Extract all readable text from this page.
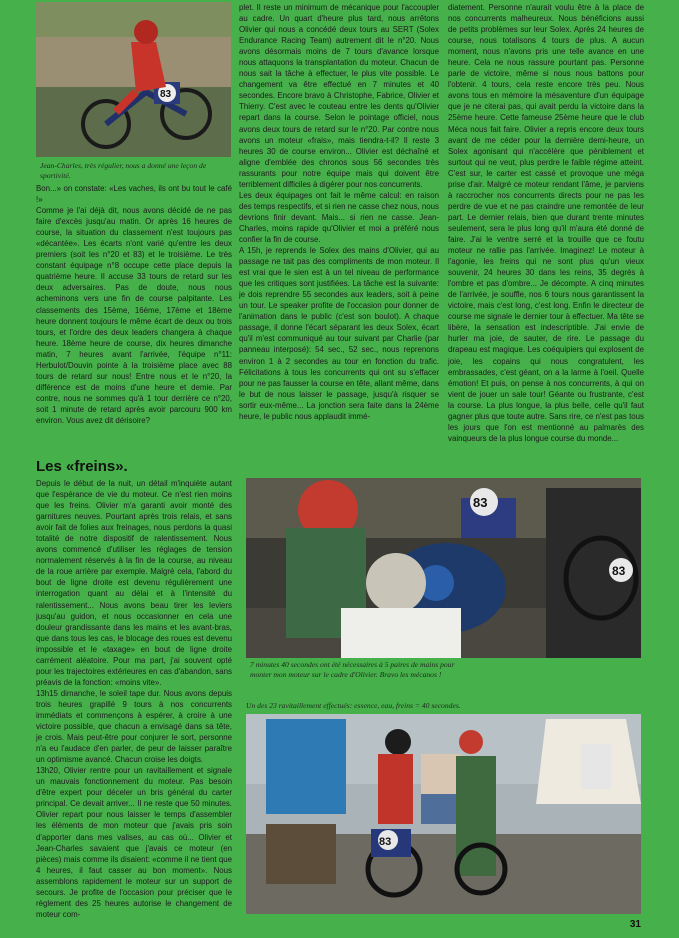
83
Jean-Charles, très régulier, nous a donné une leçon de sportivité.

Bon...» on constate: «Les vaches, ils ont bu tout le café !»

Comme je l'ai déjà dit, nous avons décidé de ne pas faire d'excès jusqu'au matin. Or après 16 heures de course, la situation du classement n'est toujours pas «décantée». Les écarts n'ont varié qu'entre les deux premiers (soit les n°20 et 83) et le troisième. Le très constant équipage n°8 occupe cette place depuis la quatrième heure. Il accuse 33 tours de retard sur les deux adversaires. Pas de doute, nous nous acheminons vers une fin de course palpitante. Les classements des 15ème, 16ème, 17ème et 18ème heure donnent toujours le même écart de deux ou trois tours, et l'ordre des deux leaders changera à chaque heure. 18ème heure de course, dix heures dimanche matin, 7 heures avant l'arrivée, l'équipe n°11: Herbulot/Douvin pointe à la troisième place avec 88 tours de retard sur nous! Entre nous et le n°20, la différence est de moins d'une heure et demie. Par contre, nous ne sommes qu'à 1 tour derrière ce n°20, soit 1 minute de retard après avoir parcouru 900 km environ. Vous avez dit dérisoire?

Les «freins».

Depuis le début de la nuit, un détail m'inquiète autant que l'espérance de vie du moteur. Ce n'est rien moins que les freins. Olivier m'a garanti avoir monté des garnitures neuves. Pourtant après trois relais, et sans avoir fait de folies aux freinages, nous perdons la quasi totalité de notre dispositif de ralentissement. Nous avons commencé d'utiliser les réglages de tension normalement réservés à la fin de la course, au niveau de la roue arrière par exemple. Malgré cela, l'abord du bout de ligne droite est devenu régulièrement une interrogation quant au délai et à l'intensité du ralentissement... Nous avons beau tirer les leviers jusqu'au guidon, et nous occasionner en cela une douleur grandissante dans les mains et les avant-bras, que dans tous les cas, le blocage des roues est devenu impossible et le «taxage» en bout de ligne droite carrément aléatoire. Pour ma part, j'ai souvent opté pour les trajectoires extérieures en cas d'abandon, sans préavis de la fonction: «moins vite».

13h15 dimanche, le soleil tape dur. Nous avons depuis trois heures grapillé 9 tours à nos concurrents immédiats et commençons à espérer, à croire à une victoire possible, que chacun a envisagé dans sa tête, je crois. Mais peut-être pour conjurer le sort, personne n'a eu l'audace d'en parler, de peur de laisser paraître un optimisme avancé. Chacun croise les doigts.

13h20, Olivier rentre pour un ravitaillement et signale un mauvais fonctionnement du moteur. Pas besoin d'être expert pour déceler un bris général du carter principal. Ce devait arriver... Il ne reste que 50 minutes. Olivier repart pour nous laisser le temps d'assembler les éléments de mon moteur que j'avais pris soin d'apporter dans mes valises, au cas où... Olivier et Jean-Charles savaient que j'avais ce moteur (en pièces) mais comme ils disaient: «comme il ne tient que 4 heures, il faut casser au bon moment». Nous assemblons rapidement le moteur sur un support de secours. Je profite de l'occasion pour préciser que le règlement des 25 heures autorise le changement de moteur com-

plet. Il reste un minimum de mécanique pour l'accoupler au cadre. Un quart d'heure plus tard, nous arrêtons Olivier qui nous a concédé deux tours au SERT (Solex Endurance Racing Team) autrement dit le n°20. Nous avons désormais moins de 7 tours d'avance lorsque nous attaquons la transplantation du moteur. Chacun de nous sait la tâche à effectuer, le plus vite possible. Le changement va être effectué en 7 minutes et 40 secondes. Encore bravo à Christophe, Fabrice, Olivier et Thierry. C'est avec le couteau entre les dents qu'Olivier repart dans la course. Selon le pointage officiel, nous avons deux tours de retard sur le n°20. Par contre nous avons un moteur «frais», mais tiendra-t-il? Il reste 3 heures 30 de course environ... Olivier est déchaîné et aligne d'emblée des chronos sous 56 secondes très rassurants pour notre équipe mais qui doivent être terriblement difficiles à digérer pour nos concurrents.

Les deux équipages ont fait le même calcul: en raison des temps respectifs, et si rien ne casse chez nous, nous devrions finir devant. Mais... si rien ne casse. Jean-Charles, moins rapide qu'Olivier et moi a préféré nous confier la fin de course.

A 15h, je reprends le Solex des mains d'Olivier, qui au passage ne tait pas des compliments de mon moteur. Il est vrai que le sien est à un tel niveau de performance que les critiques sont justifiées. La tâche est la suivante: je dois reprendre 55 secondes aux leaders, soit à peine un tour. Le speaker profite de l'occasion pour donner de l'animation dans le public (c'est son boulot). A chaque passage, il donne l'écart séparant les deux Solex, écart qu'il m'est communiqué au tour suivant par Charlie (par panneau interposé): 54 sec., 52 sec., nous reprenons environ 1 à 2 secondes au tour en fonction du trafic. Félicitations à tous les concurrents qui ont su s'effacer pour ne pas fausser la course en tête, allant même, dans le but de nous laisser le passage, jusqu'à risquer se sortir eux-même... La jonction sera faite dans la 24ème heure, le public nous applaudit immé-

diatement. Personne n'aurait voulu être à la place de nos concurrents malheureux. Nous bénéficions aussi de petits problèmes sur leur Solex. Après 24 heures de course, nous totalisons 4 tours de plus. A aucun moment, nous n'avons pris une telle avance en une heure. Cela ne nous rassure pourtant pas. Personne parle de victoire, même si nous nous battons pour l'obtenir. 4 tours, cela reste encore très peu. Nous avons tous en mémoire la mésaventure d'un équipage que je ne citerai pas, qui avait perdu la victoire dans la 25ème heure. Cette fameuse 25ème heure que le club Méca nous fait faire. Olivier a repris encore deux tours avant de me céder pour la dernière demi-heure, un Solex agonisant qui n'accélère que péniblement et surtout qui ne veut, plus perdre le faible régime atteint. C'est sur, le carter est cassé et provoque une méga prise d'air. Malgré ce moteur rendant l'âme, je parviens à raccrocher nos concurrents directs pour ne pas les perdre de vue et ne pas craindre une remontée de leur part. Le dernier relais, bien que durant trente minutes seulement, sera le plus long qu'il m'aura été donné de faire. J'ai le ventre serré et la trouille que ce foutu moteur ne rallie pas l'arrivée. Imaginez! Le moteur à l'agonie, les freins qui ne sont plus qu'un vieux souvenir, 24 heures 30 dans les reins, 35 degrés à l'ombre et pas d'ombre... Je décompte. A cinq minutes de l'arrivée, je souffle, nos 6 tours nous garantissent la victoire, mais c'est long, c'est long. Enfin le directeur de course me signale le dernier tour à effectuer. Ma tête se libère, la sensation est indescriptible. J'ai envie de hurler ma joie, de sauter, de rire. Le passage du drapeau est magique. Les coéquipiers qui explosent de joie, les copains qui nous congratulent, les embrassades, c'est géant, on a la larme à l'oeil. Quelle émotion! Et puis, on pense à nos concurrents, à qui on vient de jouer un sale tour! Géante ou frustrante, c'est la course. La plus longue, la plus belle, celle qu'il faut gagner plus que toute autre. Sans rire, ce n'est pas tous les jours que l'on est mentionné au palmarès des vainqueurs de la plus longue course du monde...

83
83
7 minutes 40 secondes ont été nécessaires à 5 paires de mains pour monter mon moteur sur le cadre d'Olivier. Bravo les mécanos !
Un des 23 ravitaillement effectués: essence, eau, freins = 40 secondes.
83
31
